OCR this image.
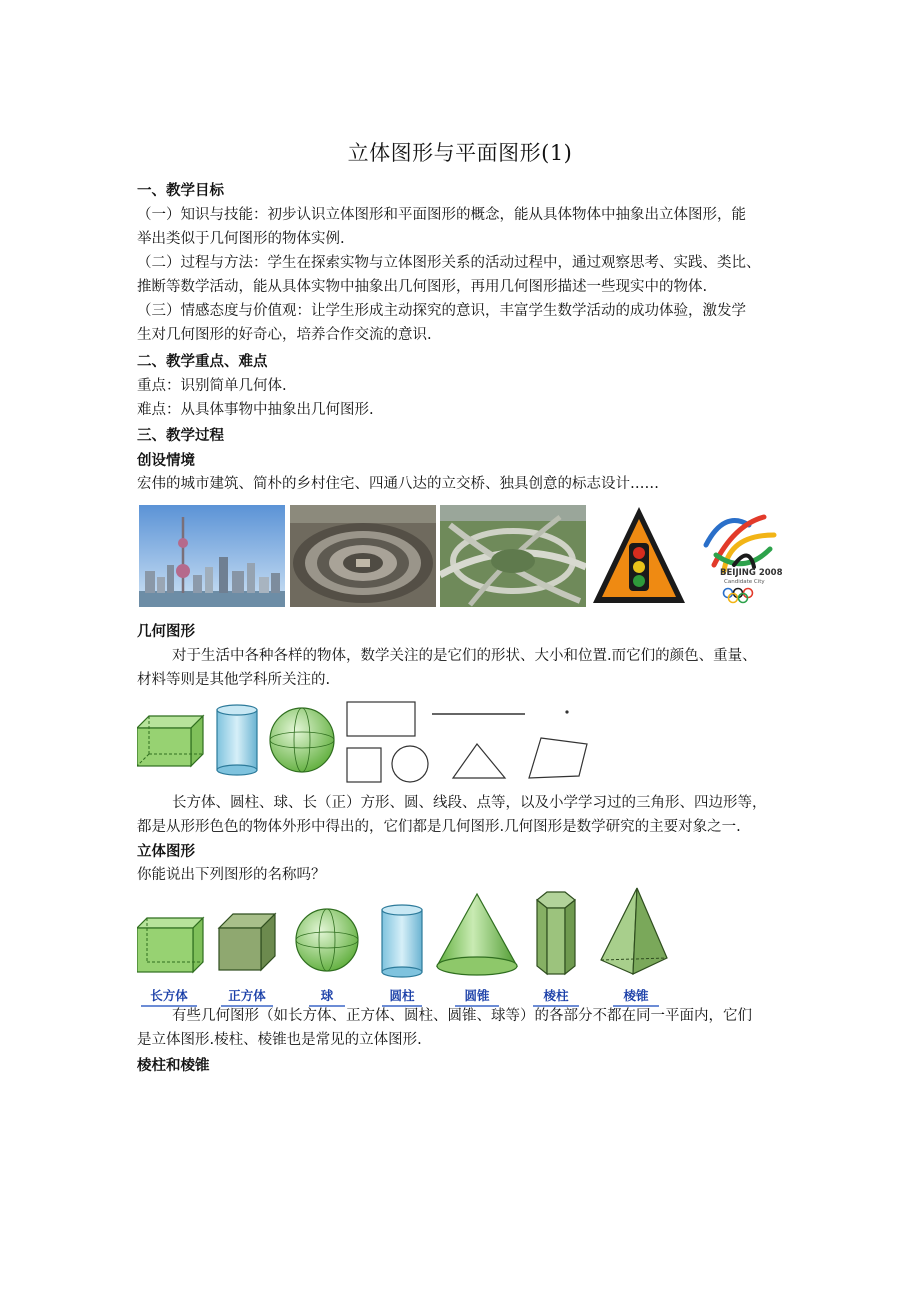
立体图形与平面图形(1)
一、教学目标
（一）知识与技能：初步认识立体图形和平面图形的概念，能从具体物体中抽象出立体图形，能
举出类似于几何图形的物体实例.
（二）过程与方法：学生在探索实物与立体图形关系的活动过程中，通过观察思考、实践、类比、
推断等数学活动，能从具体实物中抽象出几何图形，再用几何图形描述一些现实中的物体.
（三）情感态度与价值观：让学生形成主动探究的意识，丰富学生数学活动的成功体验，激发学
生对几何图形的好奇心，培养合作交流的意识.
二、教学重点、难点
重点：识别简单几何体.
难点：从具体事物中抽象出几何图形.
三、教学过程
创设情境
宏伟的城市建筑、简朴的乡村住宅、四通八达的立交桥、独具创意的标志设计……
BEIJING 2008
Candidate City
几何图形
对于生活中各种各样的物体，数学关注的是它们的形状、大小和位置.而它们的颜色、重量、
材料等则是其他学科所关注的.
长方体、圆柱、球、长（正）方形、圆、线段、点等，以及小学学习过的三角形、四边形等，
都是从形形色色的物体外形中得出的，它们都是几何图形.几何图形是数学研究的主要对象之一.
立体图形
你能说出下列图形的名称吗？
长方体	正方体	球	圆柱	圆锥	棱柱	棱锥
有些几何图形（如长方体、正方体、圆柱、圆锥、球等）的各部分不都在同一平面内，它们
是立体图形.棱柱、棱锥也是常见的立体图形.
棱柱和棱锥
